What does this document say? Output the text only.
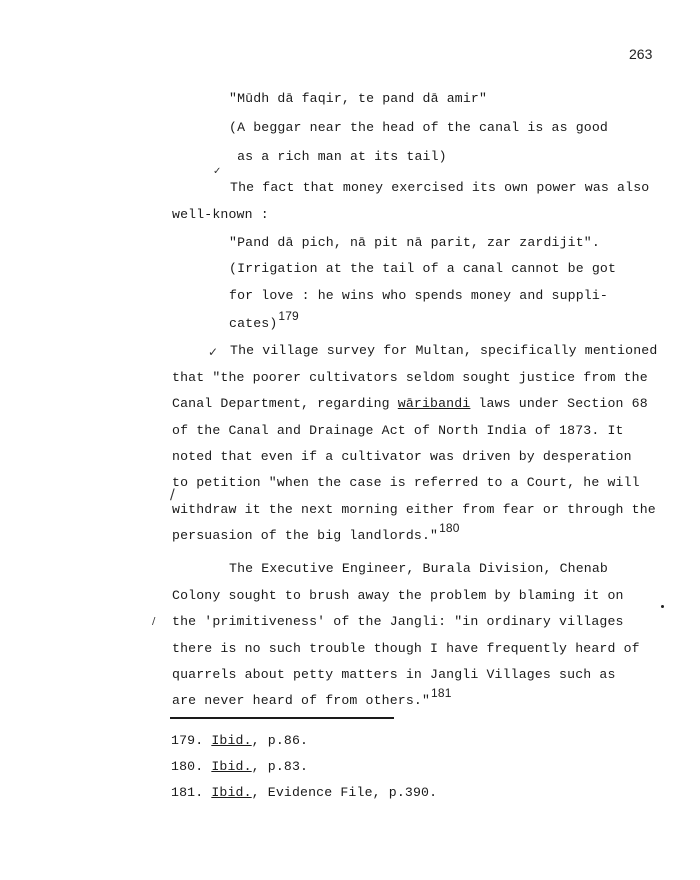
263
"Mūdh dā faqir, te pand dā amir"
(A beggar near the head of the canal is as good
as a rich man at its tail)
✓
The fact that money exercised its own power was also
well-known :
"Pand dā pich, nā pit nā parit, zar zardijit".
(Irrigation at the tail of a canal cannot be got
for love : he wins who spends money and suppli-
cates)179
✓ The village survey for Multan, specifically mentioned
that "the poorer cultivators seldom sought justice from the
Canal Department, regarding wāribandi laws under Section 68
of the Canal and Drainage Act of North India of 1873. It
noted that even if a cultivator was driven by desperation
to petition "when the case is referred to a Court, he will
/
withdraw it the next morning either from fear or through the
persuasion of the big landlords."180
The Executive Engineer, Burala Division, Chenab
Colony sought to brush away the problem by blaming it on
/ the 'primitiveness' of the Jangli: "in ordinary villages
there is no such trouble though I have frequently heard of
quarrels about petty matters in Jangli Villages such as
are never heard of from others."181
179. Ibid., p.86.
180. Ibid., p.83.
181. Ibid., Evidence File, p.390.
